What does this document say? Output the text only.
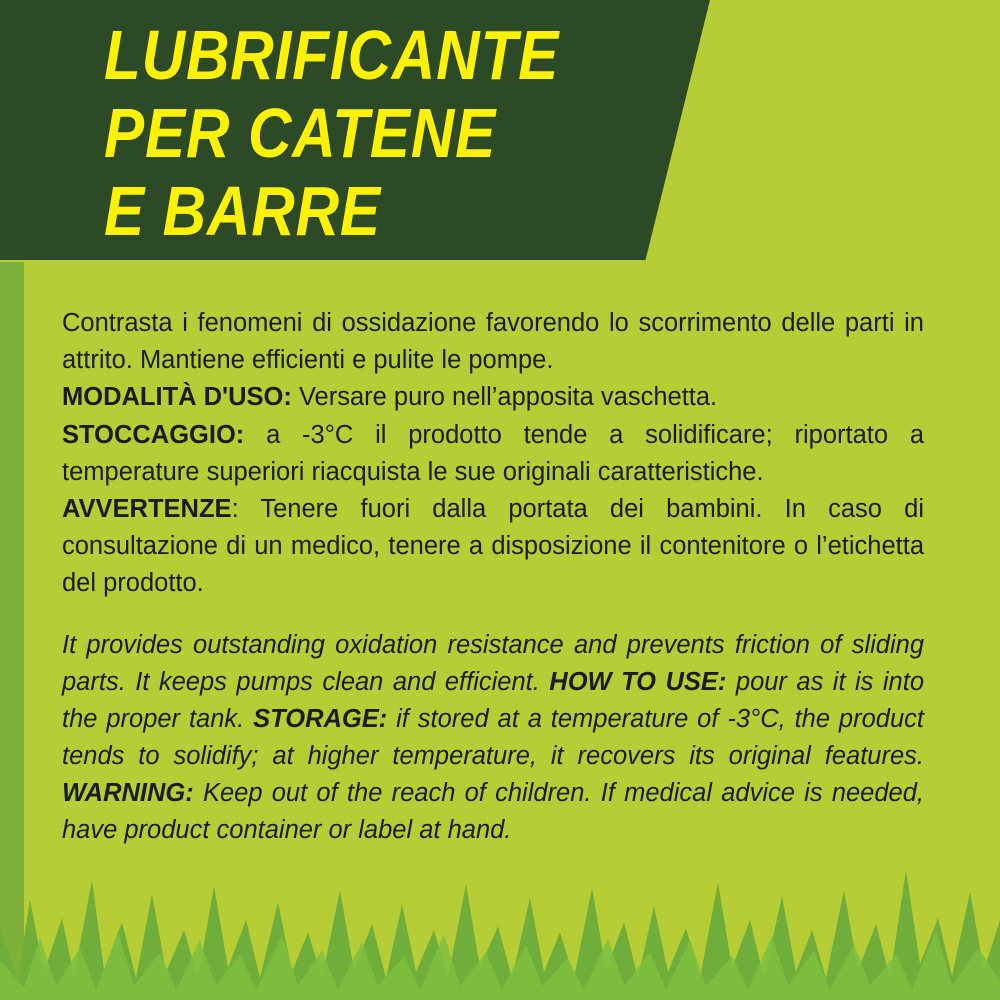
LUBRIFICANTE
PER CATENE
E BARRE
Contrasta i fenomeni di ossidazione favorendo lo scorrimento delle parti in attrito. Mantiene efficienti e pulite le pompe.
MODALITÀ D'USO: Versare puro nell’apposita vaschetta.
STOCCAGGIO: a -3°C il prodotto tende a solidificare; riportato a temperature superiori riacquista le sue originali caratteristiche.
AVVERTENZE: Tenere fuori dalla portata dei bambini. In caso di consultazione di un medico, tenere a disposizione il contenitore o l’etichetta del prodotto.
It provides outstanding oxidation resistance and prevents friction of sliding parts. It keeps pumps clean and efficient. HOW TO USE: pour as it is into the proper tank. STORAGE: if stored at a temperature of -3°C, the product tends to solidify; at higher temperature, it recovers its original features. WARNING: Keep out of the reach of children. If medical advice is needed, have product container or label at hand.
